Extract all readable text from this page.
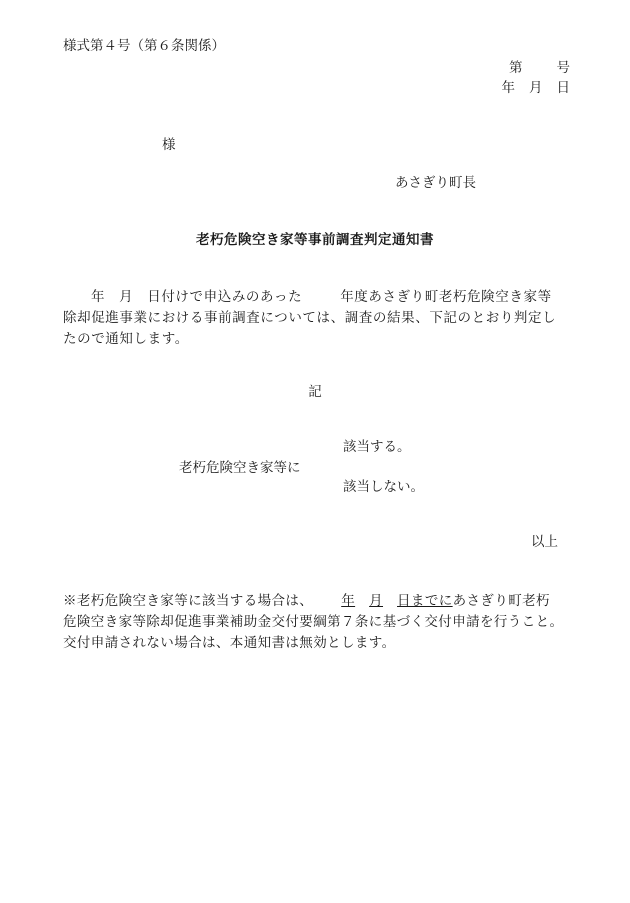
様式第４号（第６条関係）
第	号
年 月 日
様
あさぎり町長
老朽危険空き家等事前調査判定通知書
年 月 日付けで申込みのあった	年度あさぎり町老朽危険空き家等
除却促進事業における事前調査については、調査の結果、下記のとおり判定し
たので通知します。
記
該当する。
老朽危険空き家等に
該当しない。
以上
※老朽危険空き家等に該当する場合は、 年 月 日までにあさぎり町老朽
危険空き家等除却促進事業補助金交付要綱第７条に基づく交付申請を行うこと。
交付申請されない場合は、本通知書は無効とします。
